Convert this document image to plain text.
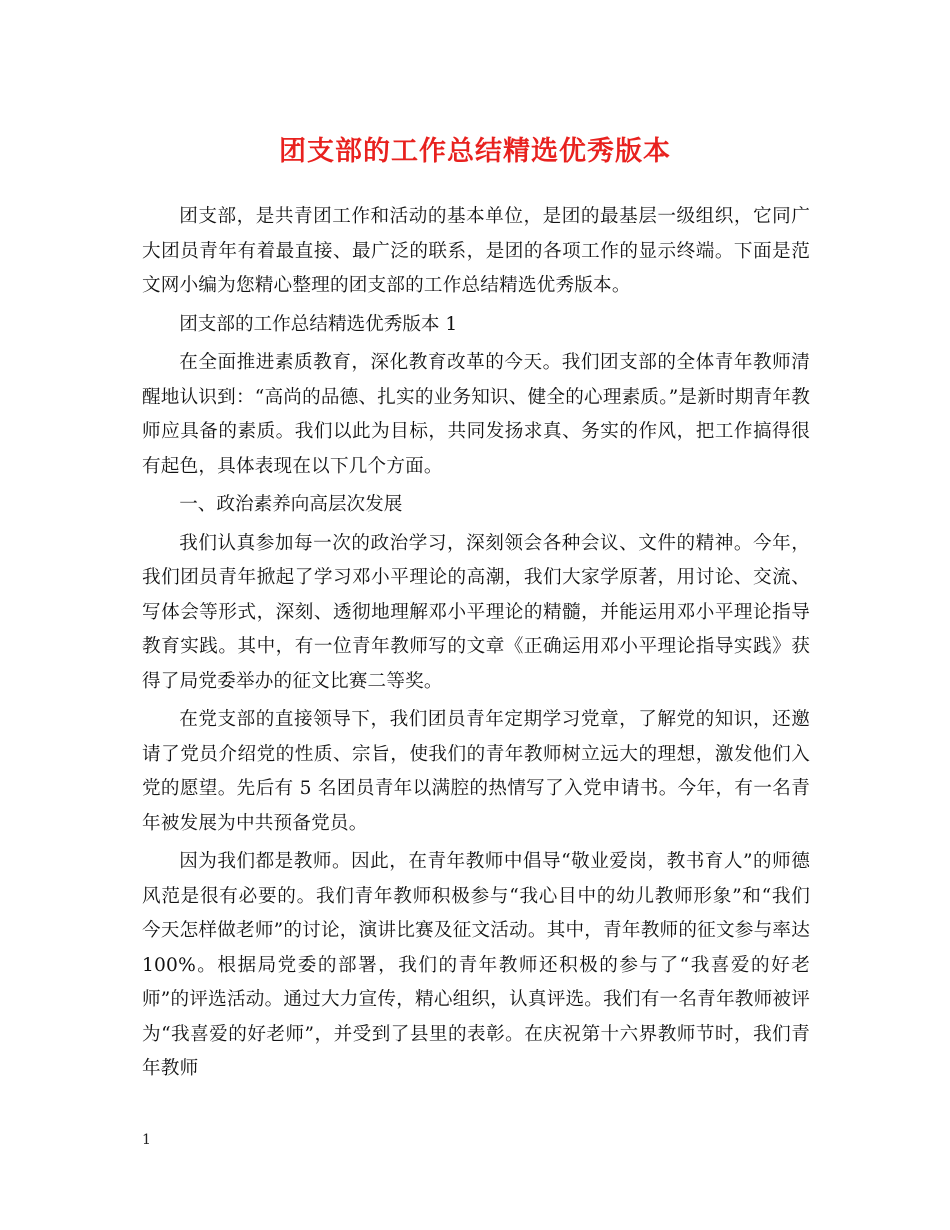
团支部的工作总结精选优秀版本

团支部，是共青团工作和活动的基本单位，是团的最基层一级组织，它同广大团员青年有着最直接、最广泛的联系，是团的各项工作的显示终端。下面是范文网小编为您精心整理的团支部的工作总结精选优秀版本。

团支部的工作总结精选优秀版本 1

在全面推进素质教育，深化教育改革的今天。我们团支部的全体青年教师清醒地认识到：“高尚的品德、扎实的业务知识、健全的心理素质。”是新时期青年教师应具备的素质。我们以此为目标，共同发扬求真、务实的作风，把工作搞得很有起色，具体表现在以下几个方面。

一、政治素养向高层次发展

我们认真参加每一次的政治学习，深刻领会各种会议、文件的精神。今年，我们团员青年掀起了学习邓小平理论的高潮，我们大家学原著，用讨论、交流、写体会等形式，深刻、透彻地理解邓小平理论的精髓，并能运用邓小平理论指导教育实践。其中，有一位青年教师写的文章《正确运用邓小平理论指导实践》获得了局党委举办的征文比赛二等奖。

在党支部的直接领导下，我们团员青年定期学习党章，了解党的知识，还邀请了党员介绍党的性质、宗旨，使我们的青年教师树立远大的理想，激发他们入党的愿望。先后有 5 名团员青年以满腔的热情写了入党申请书。今年，有一名青年被发展为中共预备党员。

因为我们都是教师。因此，在青年教师中倡导“敬业爱岗，教书育人”的师德风范是很有必要的。我们青年教师积极参与“我心目中的幼儿教师形象”和“我们今天怎样做老师”的讨论，演讲比赛及征文活动。其中，青年教师的征文参与率达 100%。根据局党委的部署，我们的青年教师还积极的参与了“我喜爱的好老师”的评选活动。通过大力宣传，精心组织，认真评选。我们有一名青年教师被评为“我喜爱的好老师”，并受到了县里的表彰。在庆祝第十六界教师节时，我们青年教师

1
